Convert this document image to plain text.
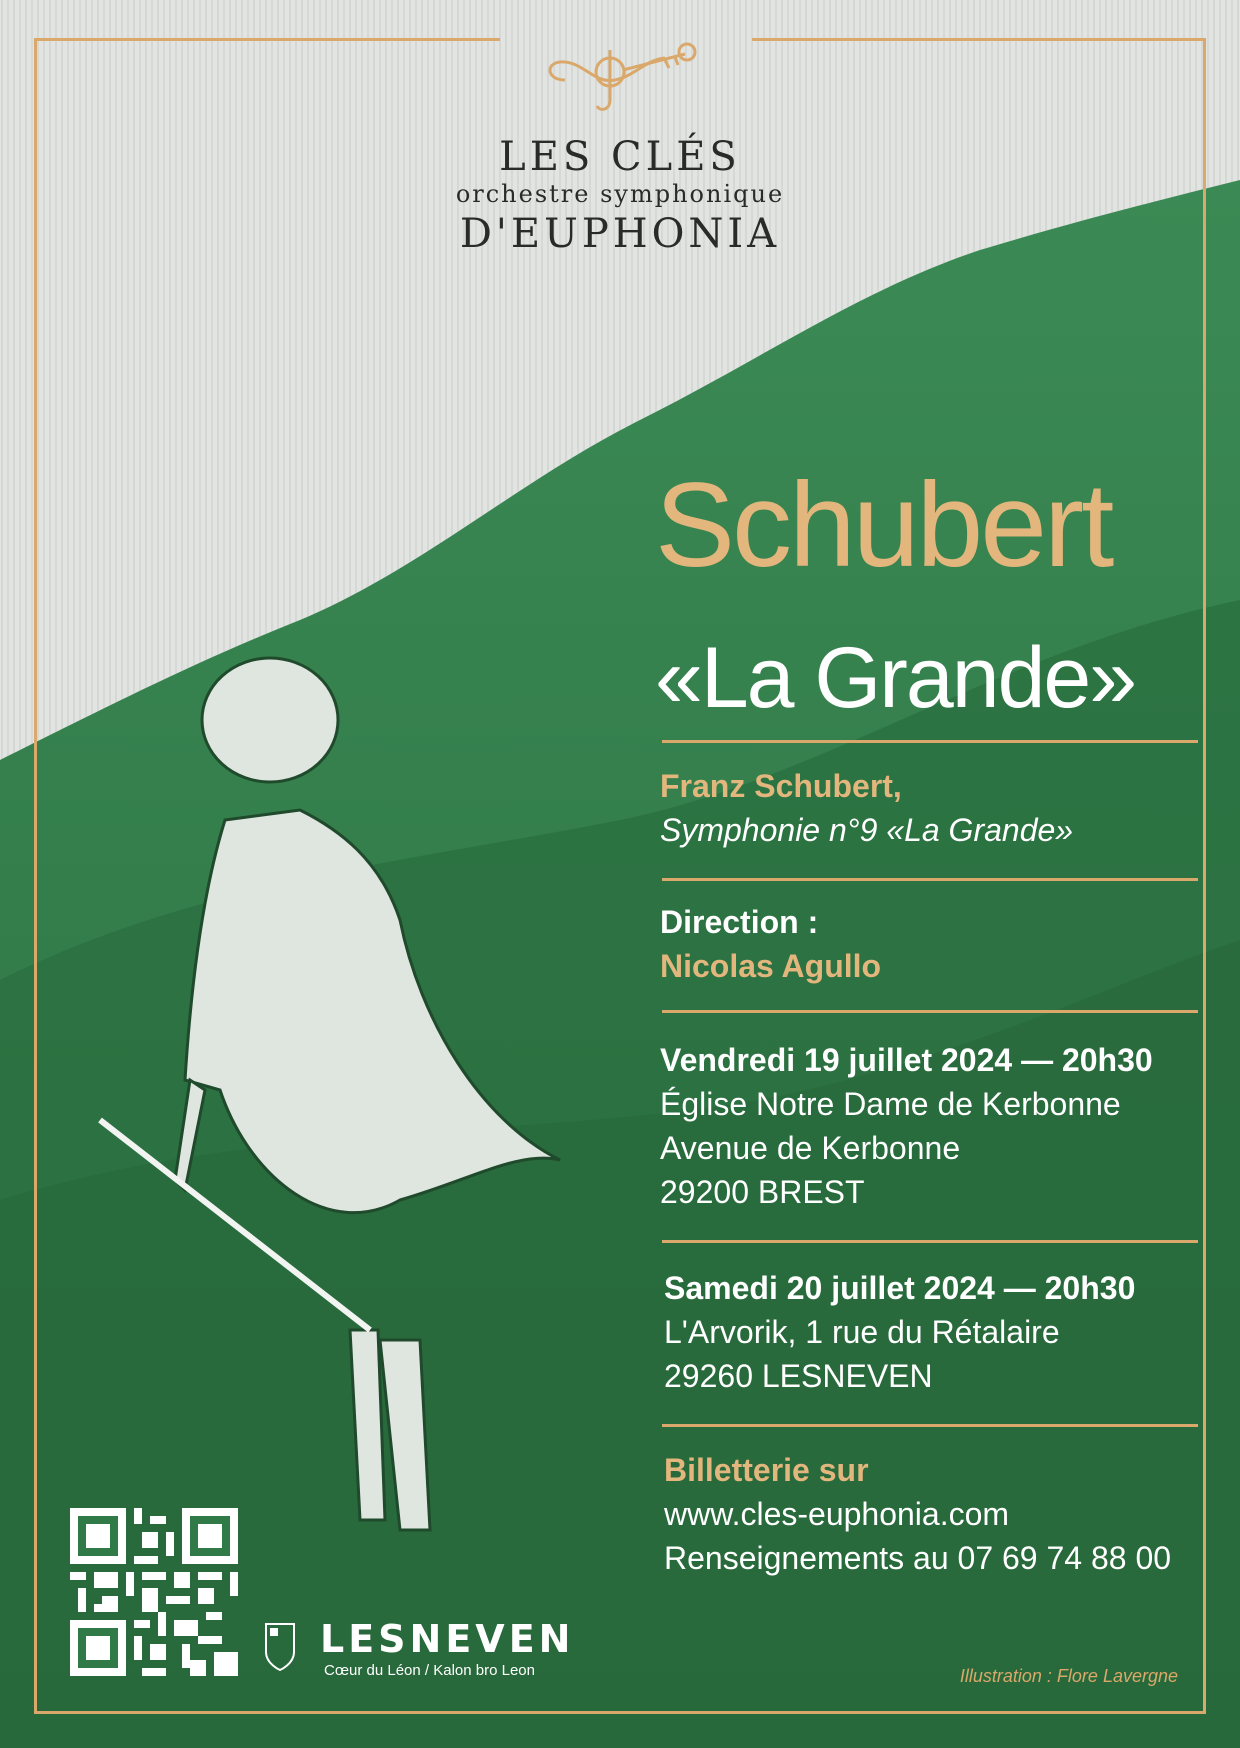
LES CLÉS
orchestre symphonique
D'EUPHONIA
Schubert
«La Grande»
Franz Schubert,
Symphonie n°9 «La Grande»
Direction :
Nicolas Agullo
Vendredi 19 juillet 2024 — 20h30
Église Notre Dame de Kerbonne
Avenue de Kerbonne
29200 BREST
Samedi 20 juillet 2024 — 20h30
L'Arvorik, 1 rue du Rétalaire
29260 LESNEVEN
Billetterie sur
www.cles-euphonia.com
Renseignements au 07 69 74 88 00
LESNEVEN
Cœur du Léon / Kalon bro Leon	Illustration : Flore Lavergne
